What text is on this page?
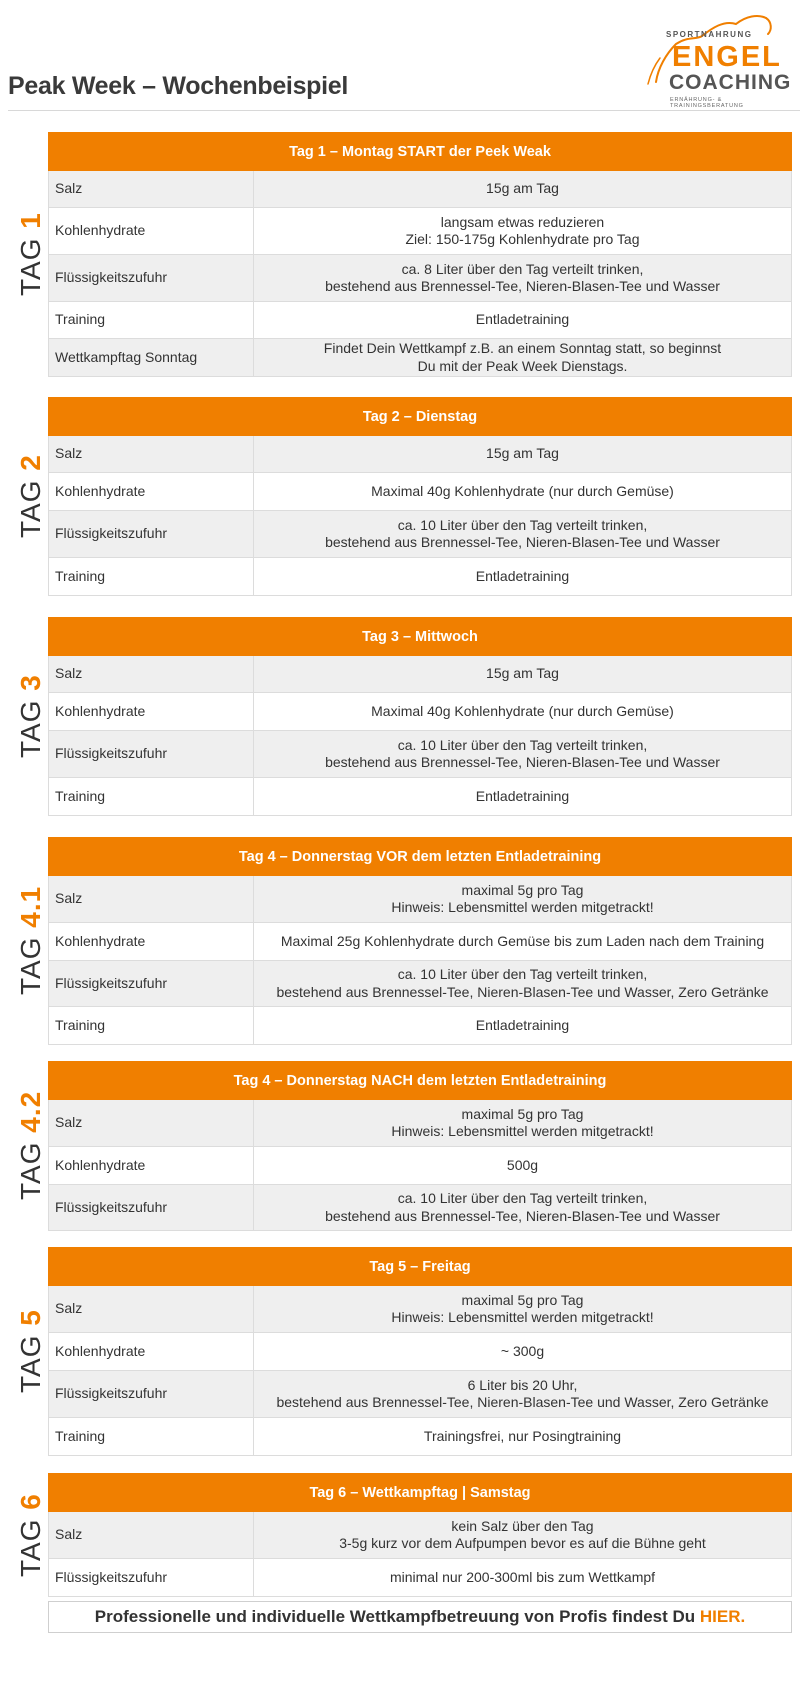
Peak Week – Wochenbeispiel
SPORTNAHRUNG
ENGEL
COACHING
ERNÄHRUNG- & TRAININGSBERATUNG
TAG 1
Tag 1 – Montag START der Peek Weak	
Salz	15g am Tag

Kohlenhydrate	langsam etwas reduzieren
Ziel: 150-175g Kohlenhydrate pro Tag

Flüssigkeitszufuhr	ca. 8 Liter über den Tag verteilt trinken,
bestehend aus Brennessel-Tee, Nieren-Blasen-Tee und Wasser

Training	Entladetraining

Wettkampftag Sonntag	Findet Dein Wettkampf z.B. an einem Sonntag statt, so beginnst
Du mit der Peak Week Dienstags.
TAG 2
Tag 2 – Dienstag	
Salz	15g am Tag

Kohlenhydrate	Maximal 40g Kohlenhydrate (nur durch Gemüse)

Flüssigkeitszufuhr	ca. 10 Liter über den Tag verteilt trinken,
bestehend aus Brennessel-Tee, Nieren-Blasen-Tee und Wasser

Training	Entladetraining
TAG 3
Tag 3 – Mittwoch	
Salz	15g am Tag

Kohlenhydrate	Maximal 40g Kohlenhydrate (nur durch Gemüse)

Flüssigkeitszufuhr	ca. 10 Liter über den Tag verteilt trinken,
bestehend aus Brennessel-Tee, Nieren-Blasen-Tee und Wasser

Training	Entladetraining
TAG 4.1
Tag 4 – Donnerstag VOR dem letzten Entladetraining	
Salz	maximal 5g pro Tag
Hinweis: Lebensmittel werden mitgetrackt!

Kohlenhydrate	Maximal 25g Kohlenhydrate durch Gemüse bis zum Laden nach dem Training

Flüssigkeitszufuhr	ca. 10 Liter über den Tag verteilt trinken,
bestehend aus Brennessel-Tee, Nieren-Blasen-Tee und Wasser, Zero Getränke

Training	Entladetraining
TAG 4.2
Tag 4 – Donnerstag NACH dem letzten Entladetraining	
Salz	maximal 5g pro Tag
Hinweis: Lebensmittel werden mitgetrackt!

Kohlenhydrate	500g

Flüssigkeitszufuhr	ca. 10 Liter über den Tag verteilt trinken,
bestehend aus Brennessel-Tee, Nieren-Blasen-Tee und Wasser
TAG 5
Tag 5 – Freitag	
Salz	maximal 5g pro Tag
Hinweis: Lebensmittel werden mitgetrackt!

Kohlenhydrate	~ 300g

Flüssigkeitszufuhr	6 Liter bis 20 Uhr,
bestehend aus Brennessel-Tee, Nieren-Blasen-Tee und Wasser, Zero Getränke

Training	Trainingsfrei, nur Posingtraining
TAG 6
Tag 6 – Wettkampftag | Samstag	
Salz	kein Salz über den Tag
3-5g kurz vor dem Aufpumpen bevor es auf die Bühne geht

Flüssigkeitszufuhr	minimal nur 200-300ml bis zum Wettkampf
Professionelle und individuelle Wettkampfbetreuung von Profis findest Du HIER.
